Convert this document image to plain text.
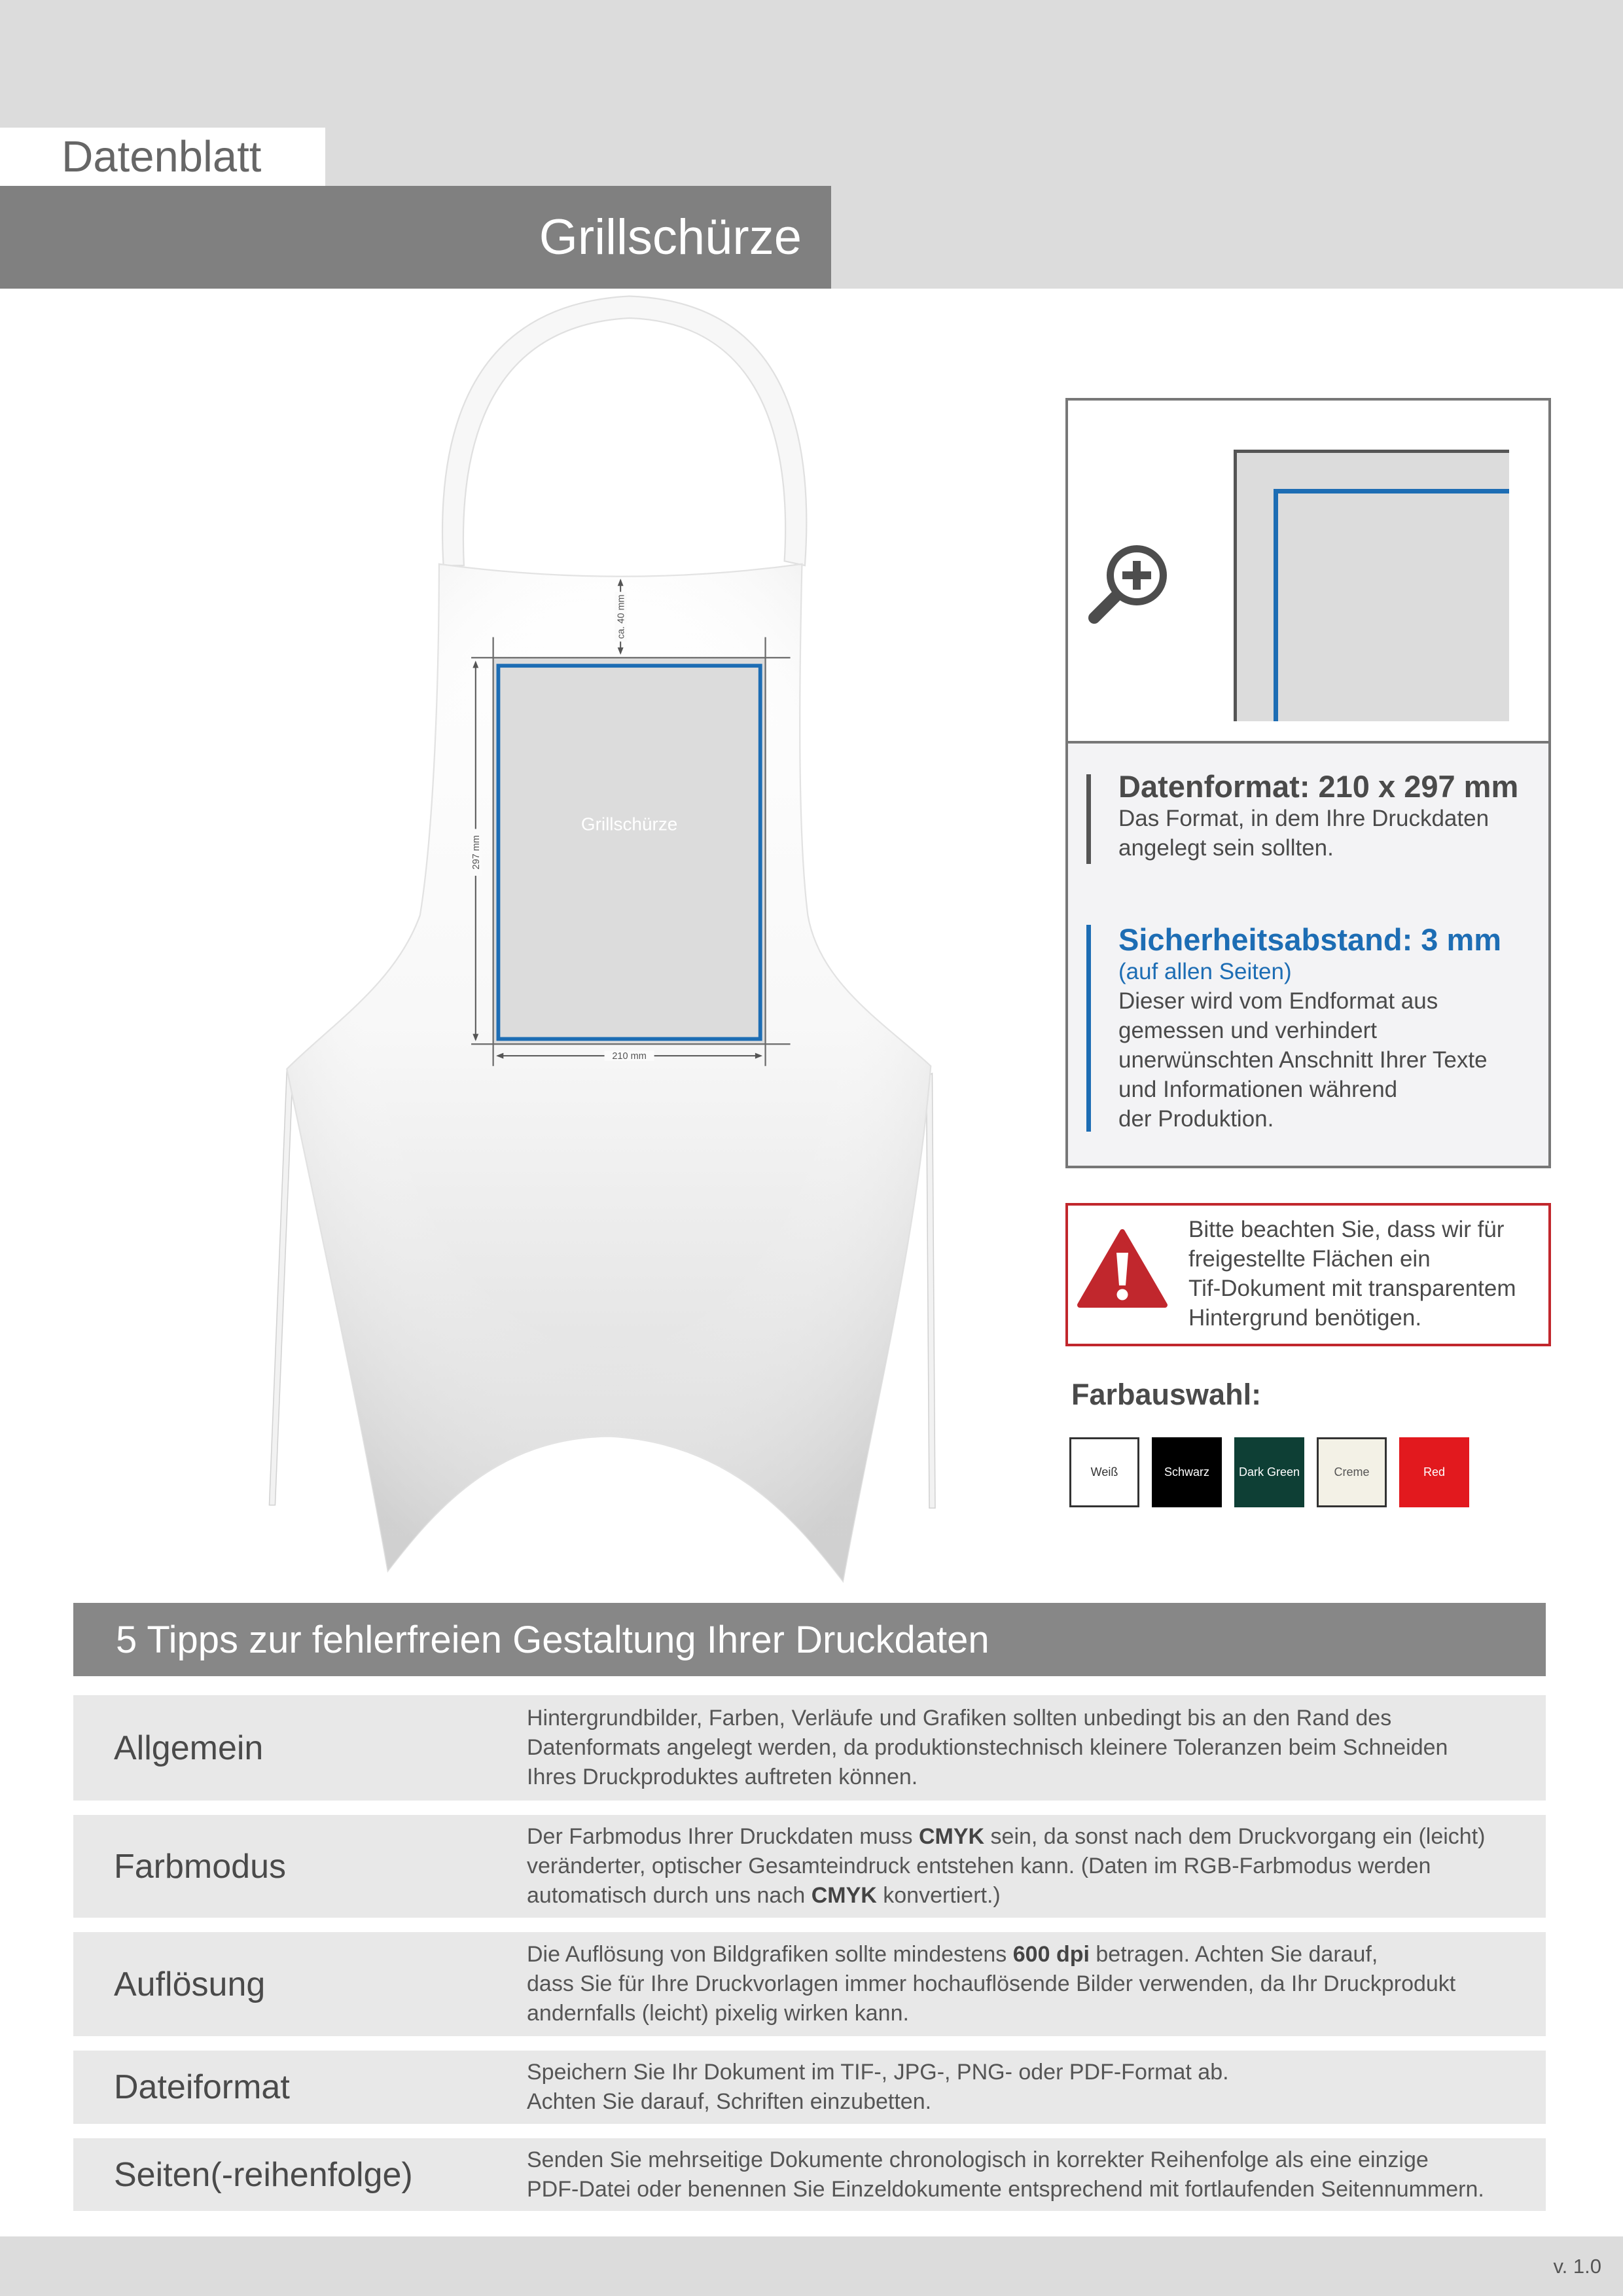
Datenblatt
Grillschürze
Grillschürze
297 mm
210 mm
ca. 40 mm
Datenformat: 210 x 297 mm
Das Format, in dem Ihre Druckdaten
angelegt sein sollten.
Sicherheitsabstand: 3 mm
(auf allen Seiten)
Dieser wird vom Endformat aus
gemessen und verhindert
unerwünschten Anschnitt Ihrer Texte
und Informationen während
der Produktion.
Bitte beachten Sie, dass wir für
freigestellte Flächen ein
Tif-Dokument mit transparentem
Hintergrund benötigen.
Farbauswahl:
Weiß	Schwarz Dark Green	Creme	Red
5 Tipps zur fehlerfreien Gestaltung Ihrer Druckdaten
Allgemein
Hintergrundbilder, Farben, Verläufe und Grafiken sollten unbedingt bis an den Rand des
Datenformats angelegt werden, da produktionstechnisch kleinere Toleranzen beim Schneiden
Ihres Druckproduktes auftreten können.
Farbmodus
Der Farbmodus Ihrer Druckdaten muss CMYK sein, da sonst nach dem Druckvorgang ein (leicht)
veränderter, optischer Gesamteindruck entstehen kann. (Daten im RGB-Farbmodus werden
automatisch durch uns nach CMYK konvertiert.)
Auflösung
Die Auflösung von Bildgrafiken sollte mindestens 600 dpi betragen. Achten Sie darauf,
dass Sie für Ihre Druckvorlagen immer hochauflösende Bilder verwenden, da Ihr Druckprodukt
andernfalls (leicht) pixelig wirken kann.
Dateiformat	Speichern Sie Ihr Dokument im TIF-, JPG-, PNG- oder PDF-Format ab.
Achten Sie darauf, Schriften einzubetten.
Seiten(-reihenfolge)	Senden Sie mehrseitige Dokumente chronologisch in korrekter Reihenfolge als eine einzige
PDF-Datei oder benennen Sie Einzeldokumente entsprechend mit fortlaufenden Seitennummern.
v. 1.0
